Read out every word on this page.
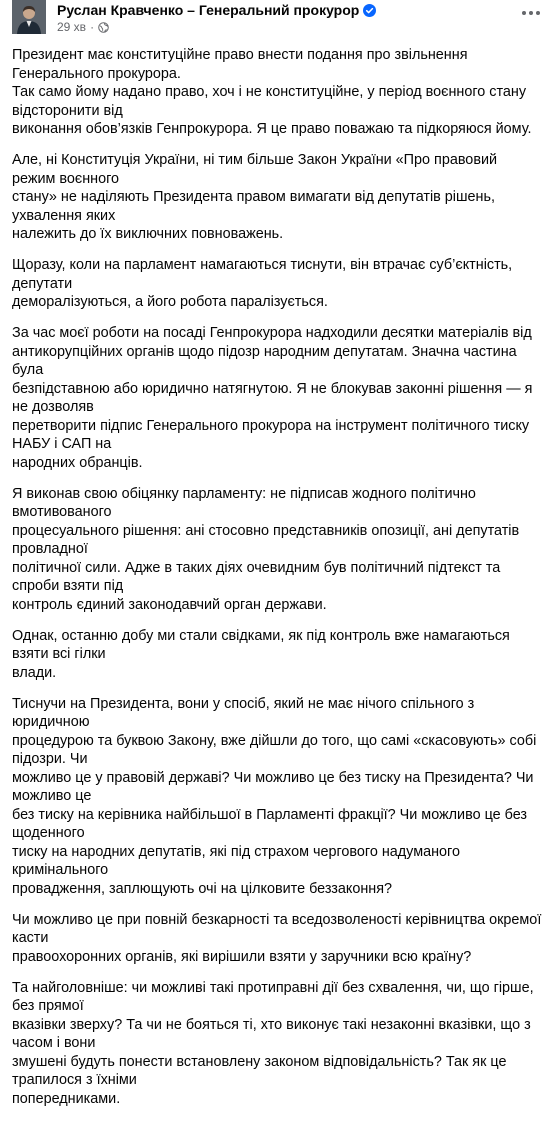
Руслан Кравченко – Генеральний прокурор
29 хв ·

Президент має конституційне право внести подання про звільнення Генерального прокурора.
Так само йому надано право, хоч і не конституційне, у період воєнного стану відсторонити від
виконання обов’язків Генпрокурора. Я це право поважаю та підкоряюся йому.

Але, ні Конституція України, ні тим більше Закон України «Про правовий режим воєнного
стану» не наділяють Президента правом вимагати від депутатів рішень, ухвалення яких
належить до їх виключних повноважень.

Щоразу, коли на парламент намагаються тиснути, він втрачає суб’єктність, депутати
деморалізуються, а його робота паралізується.

За час моєї роботи на посаді Генпрокурора надходили десятки матеріалів від
антикорупційних органів щодо підозр народним депутатам. Значна частина була
безпідставною або юридично натягнутою. Я не блокував законні рішення — я не дозволяв
перетворити підпис Генерального прокурора на інструмент політичного тиску НАБУ і САП на
народних обранців.

Я виконав свою обіцянку парламенту: не підписав жодного політично вмотивованого
процесуального рішення: ані стосовно представників опозиції, ані депутатів провладної
політичної сили. Адже в таких діях очевидним був політичний підтекст та спроби взяти під
контроль єдиний законодавчий орган держави.

Однак, останню добу ми стали свідками, як під контроль вже намагаються взяти всі гілки
влади.

Тиснучи на Президента, вони у спосіб, який не має нічого спільного з юридичною
процедурою та буквою Закону, вже дійшли до того, що самі «скасовують» собі підозри. Чи
можливо це у правовій державі? Чи можливо це без тиску на Президента? Чи можливо це
без тиску на керівника найбільшої в Парламенті фракції? Чи можливо це без щоденного
тиску на народних депутатів, які під страхом чергового надуманого кримінального
провадження, заплющують очі на цілковите беззаконня?

Чи можливо це при повній безкарності та вседозволеності керівництва окремої касти
правоохоронних органів, які вирішили взяти у заручники всю країну?

Та найголовніше: чи можливі такі протиправні дії без схвалення, чи, що гірше, без прямої
вказівки зверху? Та чи не бояться ті, хто виконує такі незаконні вказівки, що з часом і вони
змушені будуть понести встановлену законом відповідальність? Так як це трапилося з їхніми
попередниками.
